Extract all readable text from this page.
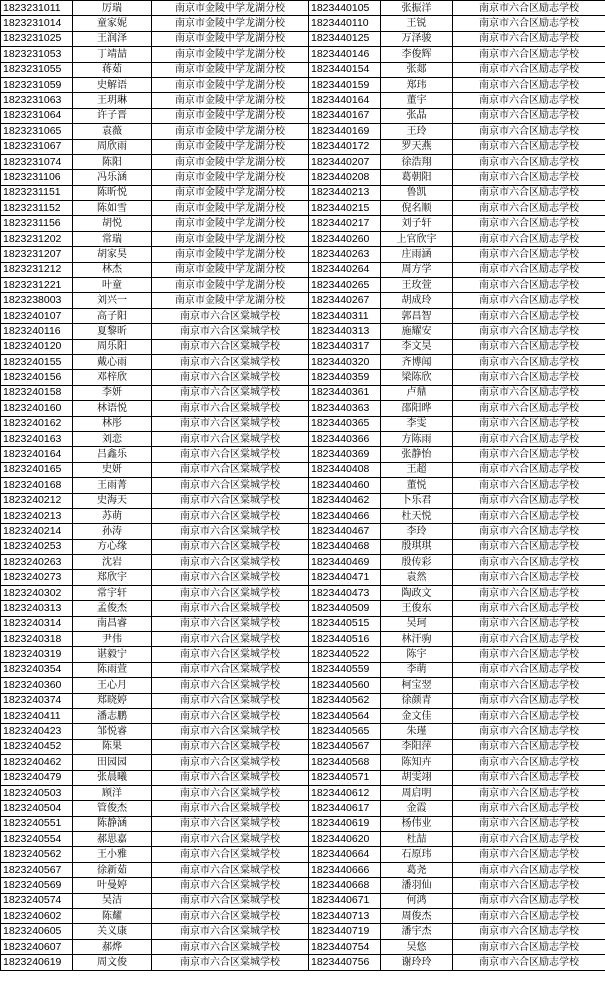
1823231011	厉瑞	南京市金陵中学龙湖分校	1823440105	张振洋	南京市六合区励志学校
1823231014	童家妮	南京市金陵中学龙湖分校	1823440110	王锐	南京市六合区励志学校
1823231025	王润泽	南京市金陵中学龙湖分校	1823440125	万泽骏	南京市六合区励志学校
1823231053	丁靖喆	南京市金陵中学龙湖分校	1823440146	李俊辉	南京市六合区励志学校
1823231055	蒋茹	南京市金陵中学龙湖分校	1823440154	张郯	南京市六合区励志学校
1823231059	史解语	南京市金陵中学龙湖分校	1823440159	郑玮	南京市六合区励志学校
1823231063	王玥琳	南京市金陵中学龙湖分校	1823440164	董宇	南京市六合区励志学校
1823231064	许子晋	南京市金陵中学龙湖分校	1823440167	张晶	南京市六合区励志学校
1823231065	袁薇	南京市金陵中学龙湖分校	1823440169	王玲	南京市六合区励志学校
1823231067	周欣雨	南京市金陵中学龙湖分校	1823440172	罗天燕	南京市六合区励志学校
1823231074	陈阳	南京市金陵中学龙湖分校	1823440207	徐浩翔	南京市六合区励志学校
1823231106	冯乐涵	南京市金陵中学龙湖分校	1823440208	葛朝阳	南京市六合区励志学校
1823231151	陈昕悦	南京市金陵中学龙湖分校	1823440213	鲁凯	南京市六合区励志学校
1823231152	陈如雪	南京市金陵中学龙湖分校	1823440215	倪名顺	南京市六合区励志学校
1823231156	胡悦	南京市金陵中学龙湖分校	1823440217	刘子轩	南京市六合区励志学校
1823231202	常瑞	南京市金陵中学龙湖分校	1823440260	上官欣宇	南京市六合区励志学校
1823231207	胡家昊	南京市金陵中学龙湖分校	1823440263	庄雨涵	南京市六合区励志学校
1823231212	林杰	南京市金陵中学龙湖分校	1823440264	周方学	南京市六合区励志学校
1823231221	叶童	南京市金陵中学龙湖分校	1823440265	王玫萱	南京市六合区励志学校
1823238003	刘兴一	南京市金陵中学龙湖分校	1823440267	胡成玲	南京市六合区励志学校
1823240107	高子阳	南京市六合区棠城学校	1823440311	郭昌智	南京市六合区励志学校
1823240116	夏黎昕	南京市六合区棠城学校	1823440313	施耀安	南京市六合区励志学校
1823240120	周乐阳	南京市六合区棠城学校	1823440317	李文昊	南京市六合区励志学校
1823240155	戴心雨	南京市六合区棠城学校	1823440320	齐博闻	南京市六合区励志学校
1823240156	邓梓欣	南京市六合区棠城学校	1823440359	梁陈欣	南京市六合区励志学校
1823240158	李妍	南京市六合区棠城学校	1823440361	卢鼎	南京市六合区励志学校
1823240160	林语悦	南京市六合区棠城学校	1823440363	邵阳晔	南京市六合区励志学校
1823240162	林彤	南京市六合区棠城学校	1823440365	李雯	南京市六合区励志学校
1823240163	刘恋	南京市六合区棠城学校	1823440366	方陈雨	南京市六合区励志学校
1823240164	吕鑫乐	南京市六合区棠城学校	1823440369	张静怡	南京市六合区励志学校
1823240165	史妍	南京市六合区棠城学校	1823440408	王超	南京市六合区励志学校
1823240168	王雨菁	南京市六合区棠城学校	1823440460	董悦	南京市六合区励志学校
1823240212	史海天	南京市六合区棠城学校	1823440462	卜乐君	南京市六合区励志学校
1823240213	苏萌	南京市六合区棠城学校	1823440466	杜天悦	南京市六合区励志学校
1823240214	孙涛	南京市六合区棠城学校	1823440467	李玲	南京市六合区励志学校
1823240253	方心缘	南京市六合区棠城学校	1823440468	殷琪琪	南京市六合区励志学校
1823240263	沈岩	南京市六合区棠城学校	1823440469	殷传彩	南京市六合区励志学校
1823240273	郑欣宇	南京市六合区棠城学校	1823440471	袁然	南京市六合区励志学校
1823240302	常宇轩	南京市六合区棠城学校	1823440473	陶政文	南京市六合区励志学校
1823240313	孟俊杰	南京市六合区棠城学校	1823440509	王俊东	南京市六合区励志学校
1823240314	南昌睿	南京市六合区棠城学校	1823440515	吴珂	南京市六合区励志学校
1823240318	尹伟	南京市六合区棠城学校	1823440516	林汗驹	南京市六合区励志学校
1823240319	谌毅宁	南京市六合区棠城学校	1823440522	陈宇	南京市六合区励志学校
1823240354	陈雨萱	南京市六合区棠城学校	1823440559	李萌	南京市六合区励志学校
1823240360	王心月	南京市六合区棠城学校	1823440560	柯宝翌	南京市六合区励志学校
1823240374	郑晓婷	南京市六合区棠城学校	1823440562	徐颜青	南京市六合区励志学校
1823240411	潘志鹏	南京市六合区棠城学校	1823440564	金文佳	南京市六合区励志学校
1823240423	邹悦睿	南京市六合区棠城学校	1823440565	朱瑾	南京市六合区励志学校
1823240452	陈果	南京市六合区棠城学校	1823440567	李阳萍	南京市六合区励志学校
1823240462	田园园	南京市六合区棠城学校	1823440568	陈知卉	南京市六合区励志学校
1823240479	张晨曦	南京市六合区棠城学校	1823440571	胡雯翊	南京市六合区励志学校
1823240503	顾洋	南京市六合区棠城学校	1823440612	周启明	南京市六合区励志学校
1823240504	管俊杰	南京市六合区棠城学校	1823440617	金霞	南京市六合区励志学校
1823240551	陈静涵	南京市六合区棠城学校	1823440619	杨伟业	南京市六合区励志学校
1823240554	郝思嘉	南京市六合区棠城学校	1823440620	杜喆	南京市六合区励志学校
1823240562	王小雅	南京市六合区棠城学校	1823440664	石原玮	南京市六合区励志学校
1823240567	徐新茹	南京市六合区棠城学校	1823440666	葛尧	南京市六合区励志学校
1823240569	叶曼婷	南京市六合区棠城学校	1823440668	潘羽仙	南京市六合区励志学校
1823240574	吴洁	南京市六合区棠城学校	1823440671	何鸿	南京市六合区励志学校
1823240602	陈耀	南京市六合区棠城学校	1823440713	周俊杰	南京市六合区励志学校
1823240605	关义康	南京市六合区棠城学校	1823440719	潘宇杰	南京市六合区励志学校
1823240607	郝烨	南京市六合区棠城学校	1823440754	吴悠	南京市六合区励志学校
1823240619	周文俊	南京市六合区棠城学校	1823440756	谢玲玲	南京市六合区励志学校
